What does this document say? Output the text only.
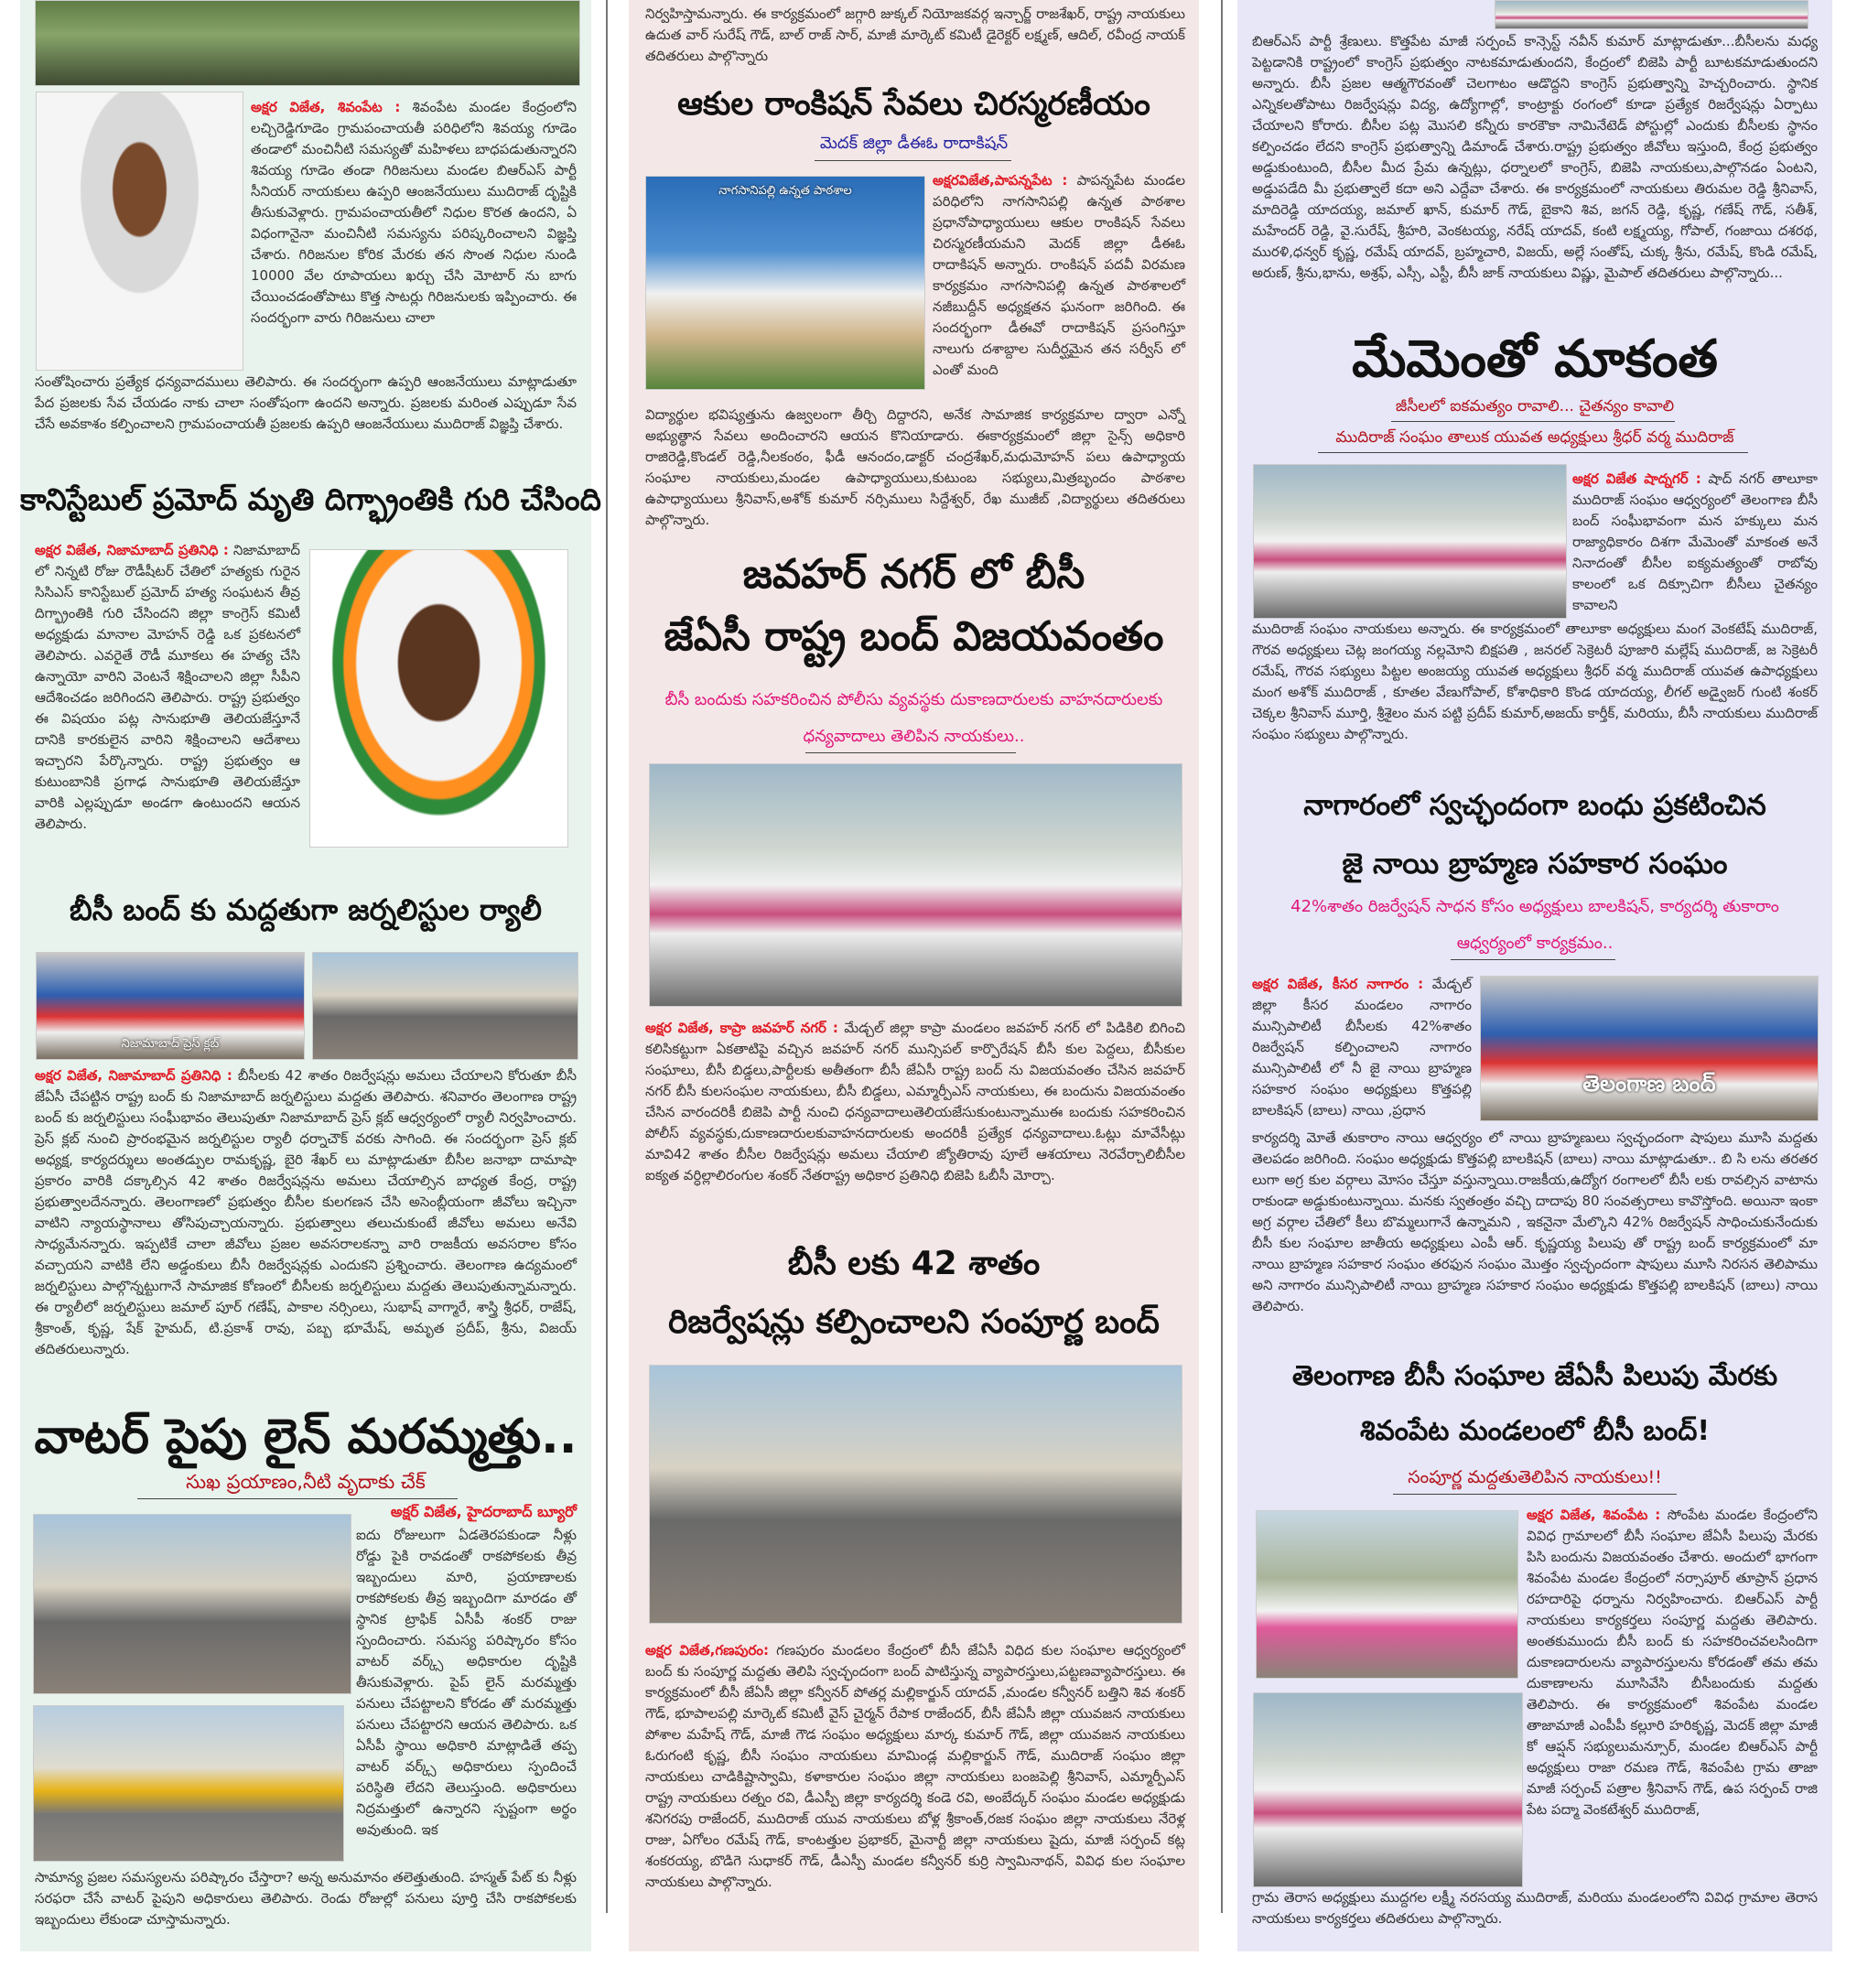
అక్షర విజేత, శివంపేట : శివంపేట మండల కేంద్రంలోని లచ్చిరెడ్డిగూడెం గ్రామపంచాయతీ పరిధిలోని శివయ్య గూడెం తండాలో మంచినీటి సమస్యతో మహిళలు బాధపడుతున్నారని శివయ్య గూడెం తండా గిరిజనులు మండల బిఆర్ఎస్ పార్టీ సీనియర్ నాయకులు ఉప్పరి ఆంజనేయులు ముదిరాజ్ దృష్టికి తీసుకువెళ్లారు. గ్రామపంచాయతీలో నిధుల కొరత ఉందని, ఏ విధంగానైనా మంచినీటి సమస్యను పరిష్కరించాలని విజ్ఞప్తి చేశారు. గిరిజనుల కోరిక మేరకు తన సొంత నిధుల నుండి 10000 వేల రూపాయలు ఖర్చు చేసి మోటార్ ను బాగు చేయించడంతోపాటు కొత్త సాటర్లు గిరిజనులకు ఇప్పించారు. ఈ సందర్భంగా వారు గిరిజనులు చాలా
సంతోషించారు ప్రత్యేక ధన్యవాదములు తెలిపారు. ఈ సందర్భంగా ఉప్పరి ఆంజనేయులు మాట్లాడుతూ పేద ప్రజలకు సేవ చేయడం నాకు చాలా సంతోషంగా ఉందని అన్నారు. ప్రజలకు మరింత ఎప్పుడూ సేవ చేసే అవకాశం కల్పించాలని గ్రామపంచాయతీ ప్రజలకు ఉప్పరి ఆంజనేయులు ముదిరాజ్ విజ్ఞప్తి చేశారు.
కానిస్టేబుల్ ప్రమోద్ మృతి దిగ్భ్రాంతికి గురి చేసింది
అక్షర విజేత, నిజామాబాద్ ప్రతినిధి : నిజామాబాద్ లో నిన్నటి రోజు రౌడీషీటర్ చేతిలో హత్యకు గురైన సిసిఎస్ కానిస్టేబుల్ ప్రమోద్ హత్య సంఘటన తీవ్ర దిగ్భ్రాంతికి గురి చేసిందని జిల్లా కాంగ్రెస్ కమిటీ అధ్యక్షుడు మానాల మోహన్ రెడ్డి ఒక ప్రకటనలో తెలిపారు. ఎవరైతే రౌడీ మూకలు ఈ హత్య చేసి ఉన్నాయో వారిని వెంటనే శిక్షించాలని జిల్లా సీపీని ఆదేశించడం జరిగిందని తెలిపారు. రాష్ట్ర ప్రభుత్వం ఈ విషయం పట్ల సానుభూతి తెలియజేస్తూనే దానికి కారకులైన వారిని శిక్షించాలని ఆదేశాలు ఇచ్చారని పేర్కొన్నారు. రాష్ట్ర ప్రభుత్వం ఆ కుటుంబానికి ప్రగాఢ సానుభూతి తెలియజేస్తూ వారికి ఎల్లప్పుడూ అండగా ఉంటుందని ఆయన తెలిపారు.
బీసీ బంద్ కు మద్దతుగా జర్నలిస్టుల ర్యాలీ
నిజామాబాద్ ప్రెస్ క్లబ్
అక్షర విజేత, నిజామాబాద్ ప్రతినిధి : బీసీలకు 42 శాతం రిజర్వేషన్లు అమలు చేయాలని కోరుతూ బీసీ జేఏసీ చేపట్టిన రాష్ట్ర బంద్ కు నిజామాబాద్ జర్నలిస్టులు మద్దతు తెలిపారు. శనివారం తెలంగాణ రాష్ట్ర బంద్ కు జర్నలిస్టులు సంఘీభావం తెలుపుతూ నిజామాబాద్ ప్రెస్ క్లబ్ ఆధ్వర్యంలో ర్యాలీ నిర్వహించారు. ప్రెస్ క్లబ్ నుంచి ప్రారంభమైన జర్నలిస్టుల ర్యాలీ ధర్నాచౌక్ వరకు సాగింది. ఈ సందర్భంగా ప్రెస్ క్లబ్ అధ్యక్ష, కార్యదర్శులు అంతడ్పుల రామకృష్ణ, బైరి శేఖర్ లు మాట్లాడుతూ బీసీల జనాభా దామాషా ప్రకారం వారికి దక్కాల్సిన 42 శాతం రిజర్వేషన్లను అమలు చేయాల్సిన బాధ్యత కేంద్ర, రాష్ట్ర ప్రభుత్వాలదేనన్నారు. తెలంగాణలో ప్రభుత్వం బీసీల కులగణన చేసి అసెంబ్లీయంగా జీవోలు ఇచ్చినా వాటిని న్యాయస్థానాలు తోసిపుచ్చాయన్నారు. ప్రభుత్వాలు తలుచుకుంటే జీవోలు అమలు అనేవి సాధ్యమేనన్నారు. ఇప్పటికే చాలా జీవోలు ప్రజల అవసరాలకన్నా వారి రాజకీయ అవసరాల కోసం వచ్చాయని వాటికి లేని అడ్డంకులు బీసీ రిజర్వేషన్లకు ఎందుకని ప్రశ్నించారు. తెలంగాణ ఉద్యమంలో జర్నలిస్టులు పాల్గొన్నట్టుగానే సామాజిక కోణంలో బీసీలకు జర్నలిస్టులు మద్దతు తెలుపుతున్నామన్నారు. ఈ ర్యాలీలో జర్నలిస్టులు జమాల్ పూర్ గణేష్, పాకాల నర్సింలు, సుభాష్ వాగ్మారే, శాస్త్రి శ్రీధర్, రాజేష్, శ్రీకాంత్, కృష్ణ, షేక్ హైమద్, టి.ప్రకాశ్ రావు, పబ్బ భూమేష్, అమృత ప్రదీప్, శ్రీను, విజయ్ తదితరులున్నారు.
వాటర్ పైపు లైన్ మరమ్మత్తు..
సుఖ ప్రయాణం,నీటి వృదాకు చేక్
అక్షర్ విజేత, హైదరాబాద్ బ్యూరో
ఐదు రోజులుగా ఏడతెరపకుండా నీళ్లు రోడ్డు పైకి రావడంతో రాకపోకలకు తీవ్ర ఇబ్బందులు మారి, ప్రయాణాలకు రాకపోకలకు తీవ్ర ఇబ్బందిగా మారడం తో స్థానిక ట్రాఫిక్ ఏసీపీ శంకర్ రాజు స్పందించారు. సమస్య పరిష్కారం కోసం వాటర్ వర్క్స్ అధికారుల దృష్టికి తీసుకువెళ్లారు. పైప్ లైన్ మరమ్మత్తు పనులు చేపట్టాలని కోరడం తో మరమ్మత్తు పనులు చేపట్టారని ఆయన తెలిపారు. ఒక ఏసీపీ స్థాయి అధికారి మాట్లాడితే తప్ప వాటర్ వర్క్స్ అధికారులు స్పందించే పరిస్థితి లేదని తెలుస్తుంది. అధికారులు నిద్రమత్తులో ఉన్నారని స్పష్టంగా అర్థం అవుతుంది. ఇక
సామాన్య ప్రజల సమస్యలను పరిష్కారం చేస్తారా? అన్న అనుమానం తలెత్తుతుంది. హస్మత్ పేట్ కు నీళ్లు సరఫరా చేసే వాటర్ పైపుని అధికారులు తెలిపారు. రెండు రోజుల్లో పనులు పూర్తి చేసి రాకపోకలకు ఇబ్బందులు లేకుండా చూస్తామన్నారు.
నిర్వహిస్తామన్నారు. ఈ కార్యక్రమంలో జగ్గారి జుక్కల్ నియోజకవర్గ ఇన్చార్జ్ రాజశేఖర్, రాష్ట్ర నాయకులు ఉదుత వార్ సురేష్ గౌడ్, బాల్ రాజ్ సార్, మాజీ మార్కెట్ కమిటీ డైరెక్టర్ లక్ష్మణ్, ఆదిల్, రవీంద్ర నాయక్ తదితరులు పాల్గొన్నారు
ఆకుల రాంకిషన్ సేవలు చిరస్మరణీయం
మెదక్ జిల్లా డీఈఓ రాదాకిషన్
నాగసానిపల్లి ఉన్నత పాఠశాల
అక్షరవిజేత,పాపన్నపేట : పాపన్నపేట మండల పరిధిలోని నాగసానిపల్లి ఉన్నత పాఠశాల ప్రధానోపాధ్యాయులు ఆకుల రాంకిషన్ సేవలు చిరస్మరణీయమని మెదక్ జిల్లా డీఈఓ రాదాకిషన్ అన్నారు. రాంకిషన్ పదవీ విరమణ కార్యక్రమం నాగసానిపల్లి ఉన్నత పాఠశాలలో నజీబుద్దీన్ అధ్యక్షతన ఘనంగా జరిగింది. ఈ సందర్భంగా డీఈవో రాదాకిషన్ ప్రసంగిస్తూ నాలుగు దశాబ్దాల సుదీర్ఘమైన తన సర్వీస్ లో ఎంతో మంది
విద్యార్థుల భవిష్యత్తును ఉజ్వలంగా తీర్చి దిద్దారని, అనేక సామాజిక కార్యక్రమాల ద్వారా ఎన్నో అభ్యుత్థాన సేవలు అందించారని ఆయన కొనియాడారు. ఈకార్యక్రమంలో జిల్లా సైన్స్ అధికారి రాజిరెడ్డి,కొండల్ రెడ్డి,నీలకంఠం, ఫీడీ ఆనందం,డాక్టర్ చంద్రశేఖర్,మధుమోహన్ పలు ఉపాధ్యాయ సంఘాల నాయకులు,మండల ఉపాధ్యాయులు,కుటుంబ సభ్యులు,మిత్రబృందం పాఠశాల ఉపాధ్యాయులు శ్రీనివాస్,అశోక్ కుమార్ నర్సిములు సిద్దేశ్వర్, రేఖ ముజీబ్ ,విద్యార్థులు తదితరులు పాల్గొన్నారు.
జవహర్ నగర్ లో బీసీ
జేఏసీ రాష్ట్ర బంద్ విజయవంతం
బీసీ బందుకు సహకరించిన పోలీసు వ్యవస్థకు దుకాణదారులకు వాహనదారులకు
ధన్యవాదాలు తెలిపిన నాయకులు..
అక్షర విజేత, కాప్రా జవహర్ నగర్ : మేడ్చల్ జిల్లా కాప్రా మండలం జవహర్ నగర్ లో పిడికిలి బిగించి కలిసికట్టుగా ఏకతాటిపై వచ్చిన జవహర్ నగర్ మున్సిపల్ కార్పొరేషన్ బీసీ కుల పెద్దలు, బీసీకుల సంఘాలు, బీసీ బిడ్డలు,పార్టీలకు అతీతంగా బీసీ జేఏసీ రాష్ట్ర బంద్ ను విజయవంతం చేసిన జవహర్ నగర్ బీసీ కులసంఘల నాయకులు, బీసీ బిడ్డలు, ఎమ్మార్పీఎస్ నాయకులు, ఈ బందును విజయవంతం చేసిన వారందరికీ బిజెపి పార్టీ నుంచి ధన్యవాదాలుతెలియజేసుకుంటున్నాముఈ బందుకు సహకరించిన పోలీస్ వ్యవస్థకు,దుకాణదారులకువాహనదారులకు అందరికీ ప్రత్యేక ధన్యవాదాలు.ఓట్లు మావేసీట్లు మావి42 శాతం బీసీల రిజర్వేషన్లు అమలు చేయాలి జ్యోతిరావు పూలే ఆశయాలు నెరవేర్చాలిబీసీల ఐక్యత వర్ధిల్లాలిరంగుల శంకర్ నేతరాష్ట్ర అధికార ప్రతినిధి బిజెపి ఓబీసీ మోర్చా.
బీసీ లకు 42 శాతం
రిజర్వేషన్లు కల్పించాలని సంపూర్ణ బంద్
అక్షర విజేత,గణపురం: గణపురం మండలం కేంద్రంలో బీసీ జేఏసీ విధిద కుల సంఘాల ఆధ్వర్యంలో బంద్ కు సంపూర్ణ మద్దతు తెలిపి స్వచ్ఛందంగా బంద్ పాటిస్తున్న వ్యాపారస్తులు,పట్టణవ్యాపారస్తులు. ఈ కార్యక్రమంలో బీసీ జేఏసీ జిల్లా కన్వీనర్ పోతర్ల మల్లికార్జున్ యాదవ్ ,మండల కన్వీనర్ బత్తిని శివ శంకర్ గౌడ్, భూపాలపల్లి మార్కెట్ కమిటీ వైస్ చైర్మన్ రేపాక రాజేందర్, బీసీ జేఏసీ జిల్లా యువజన నాయకులు పోశాల మహేష్ గౌడ్, మాజీ గౌడ సంఘం అధ్యక్షులు మార్క కుమార్ గౌడ్, జిల్లా యువజన నాయకులు ఓరుగంటి కృష్ణ, బీసీ సంఘం నాయకులు మామిండ్ల మల్లికార్జున్ గౌడ్, ముదిరాజ్ సంఘం జిల్లా నాయకులు చాడికిష్టాస్వామి, కళాకారుల సంఘం జిల్లా నాయకులు బంజపెల్లి శ్రీనివాస్, ఎమ్మార్పీఎస్ రాష్ట్ర నాయకులు రత్నం రవి, డీఎస్పీ జిల్లా కార్యదర్శి కండె రవి, అంబేద్కర్ సంఘం మండల అధ్యక్షుడు శనిగరపు రాజేందర్, ముదిరాజ్ యువ నాయకులు బోళ్ల శ్రీకాంత్,రజక సంఘం జిల్లా నాయకులు నేరెళ్ల రాజు, ఏగోలం రమేష్ గౌడ్, కాంటత్తుల ప్రభాకర్, మైనార్టీ జిల్లా నాయకులు షైదు, మాజీ సర్పంచ్ కట్ల శంకరయ్య, బొడిగె సుధాకర్ గౌడ్, డీఎస్పీ మండల కన్వీనర్ కుర్రి స్వామినాథన్, వివిధ కుల సంఘాల నాయకులు పాల్గొన్నారు.
బిఆర్ఎస్ పార్టీ శ్రేణులు. కొత్తపేట మాజీ సర్పంచ్ కాన్సెస్ట్ నవీన్ కుమార్ మాట్లాడుతూ...బీసీలను మధ్య పెట్టడానికి రాష్ట్రంలో కాంగ్రెస్ ప్రభుత్వం నాటకమాడుతుందని, కేంద్రంలో బిజెపి పార్టీ బూటకమాడుతుందని అన్నారు. బీసీ ప్రజల ఆత్మగౌరవంతో చెలగాటం ఆడొద్దని కాంగ్రెస్ ప్రభుత్వాన్ని హెచ్చరించారు. స్థానిక ఎన్నికలతోపాటు రిజర్వేషన్లు విద్య, ఉద్యోగాల్లో, కాంట్రాక్టు రంగంలో కూడా ప్రత్యేక రిజర్వేషన్లు ఏర్పాటు చేయాలని కోరారు. బీసీల పట్ల మొసలి కన్నీరు కారకౌకా నామినేటెడ్ పోస్టుల్లో ఎందుకు బీసీలకు స్థానం కల్పించడం లేదని కాంగ్రెస్ ప్రభుత్వాన్ని డిమాండ్ చేశారు.రాష్ట్ర ప్రభుత్వం జీవోలు ఇస్తుంది, కేంద్ర ప్రభుత్వం అడ్డుకుంటుంది, బీసీల మీద ప్రేమ ఉన్నట్లు, ధర్నాలలో కాంగ్రెస్, బిజెపి నాయకులు,పాల్గొనడం ఏంటని, అడ్డుపడేది మీ ప్రభుత్వాలే కదా అని ఎద్దేవా చేశారు. ఈ కార్యక్రమంలో నాయకులు తిరుమల రెడ్డి శ్రీనివాస్, మాదిరెడ్డి యాదయ్య, జమాల్ ఖాన్, కుమార్ గౌడ్, బైకాని శివ, జగన్ రెడ్డి, కృష్ణ, గణేష్ గౌడ్, సతీశ్, మహేందర్ రెడ్డి, వై.సురేష్, శ్రీహరి, వెంకటయ్య, నరేష్ యాదవ్, కంటి లక్ష్మయ్య, గోపాల్, గంజాయి దశరథ, మురళి,ధన్వర్ కృష్ణ, రమేష్ యాదవ్, బ్రహ్మచారి, విజయ్, అల్లే సంతోష్, చుక్క శ్రీను, రమేష్, కొండి రమేష్, అరుణ్, శ్రీను,భాను, అశ్రఫ్, ఎస్సీ, ఎస్టీ, బీసీ జాక్ నాయకులు విష్ణు, మైపాల్ తదితరులు పాల్గొన్నారు...
మేమెంతో మాకంత
జీసీలలో ఐకమత్యం రావాలి... చైతన్యం కావాలి
ముదిరాజ్ సంఘం తాలుక యువత అధ్యక్షులు శ్రీధర్ వర్మ ముదిరాజ్
అక్షర విజేత షాద్నగర్ : షాద్ నగర్ తాలూకా ముదిరాజ్ సంఘం ఆధ్వర్యంలో తెలంగాణ బీసీ బంద్ సంఘీభావంగా మన హక్కులు మన రాజ్యాధికారం దిశగా మేమెంతో మాకంత అనే నినాదంతో బీసీల ఐక్యమత్యంతో రాబోవు కాలంలో ఒక దిక్సూచిగా బీసీలు చైతన్యం కావాలని
ముదిరాజ్ సంఘం నాయకులు అన్నారు. ఈ కార్యక్రమంలో తాలూకా అధ్యక్షులు మంగ వెంకటేష్ ముదిరాజ్, గౌరవ అధ్యక్షులు చెట్ల జంగయ్య నల్లమోని బిక్షపతి , జనరల్ సెక్రెటరీ పూజారి మల్లేష్ ముదిరాజ్, జ సెక్రెటరీ రమేష్, గౌరవ సభ్యులు పిట్టల అంజయ్య యువత అధ్యక్షులు శ్రీధర్ వర్మ ముదిరాజ్ యువత ఉపాధ్యక్షులు మంగ అశోక్ ముదిరాజ్ , కూతల వేణుగోపాల్, కోశాధికారి కొండ యాదయ్య, లీగల్ అడ్వైజర్ గుంటి శంకర్ చెక్కల శ్రీనివాస్ మూర్తి, శ్రీశైలం మన పట్టి ప్రదీప్ కుమార్,అజయ్ కార్తీక్, మరియు, బీసీ నాయకులు ముదిరాజ్ సంఘం సభ్యులు పాల్గొన్నారు.
నాగారంలో స్వచ్ఛందంగా బంధు ప్రకటించిన
జై నాయి బ్రాహ్మణ సహకార సంఘం
42%శాతం రిజర్వేషన్ సాధన కోసం అధ్యక్షులు బాలకిషన్, కార్యదర్శి తుకారాం
ఆధ్వర్యంలో కార్యక్రమం..
తెలంగాణ బంద్
అక్షర విజేత, కీసర నాగారం : మేడ్చల్ జిల్లా కీసర మండలం నాగారం మున్సిపాలిటీ బీసీలకు 42%శాతం రిజర్వేషన్ కల్పించాలని నాగారం మున్సిపాలిటీ లో నీ జై నాయి బ్రాహ్మణ సహకార సంఘం అధ్యక్షులు కొత్తపల్లి బాలకిషన్ (బాలు) నాయి ,ప్రధాన
కార్యదర్శి మోతే తుకారాం నాయి ఆధ్వర్యం లో నాయి బ్రాహ్మణులు స్వచ్ఛందంగా షాపులు మూసి మద్దతు తెలపడం జరిగింది. సంఘం అధ్యక్షుడు కొత్తపల్లి బాలకిషన్ (బాలు) నాయి మాట్లాడుతూ.. బి సి లను తరతర లుగా అగ్ర కుల వర్గాలు మోసం చేస్తూ వస్తున్నాయి.రాజకీయ,ఉద్యోగ రంగాలలో బీసీ లకు రావల్సిన వాటాను రాకుండా అడ్డుకుంటున్నాయి. మనకు స్వతంత్రం వచ్చి దాదాపు 80 సంవత్సరాలు కావొస్తోంది. అయినా ఇంకా అగ్ర వర్గాల చేతిలో కీలు బొమ్మలుగానే ఉన్నామని , ఇకనైనా మేల్కొని 42% రిజర్వేషన్ సాధించుకునేందుకు బీసీ కుల సంఘాల జాతీయ అధ్యక్షులు ఎంపీ ఆర్. కృష్ణయ్య పిలుపు తో రాష్ట్ర బంద్ కార్యక్రమంలో మా నాయి బ్రాహ్మణ సహకార సంఘం తరఫున సంఘం మొత్తం స్వచ్ఛందంగా షాపులు మూసి నిరసన తెలిపాము అని నాగారం మున్సిపాలిటీ నాయి బ్రాహ్మణ సహకార సంఘం అధ్యక్షుడు కొత్తపల్లి బాలకిషన్ (బాలు) నాయి తెలిపారు.
తెలంగాణ బీసీ సంఘాల జేఏసీ పిలుపు మేరకు
శివంపేట మండలంలో బీసీ బంద్!
సంపూర్ణ మద్దతుతెలిపిన నాయకులు!!
అక్షర విజేత, శివంపేట : సోంపేట మండల కేంద్రంలోని వివిధ గ్రామాలలో బీసీ సంఘాల జేఏసీ పిలుపు మేరకు పిసి బందును విజయవంతం చేశారు. అందులో భాగంగా శివంపేట మండల కేంద్రంలో నర్సాపూర్ తూప్రాన్ ప్రధాన రహదారిపై ధర్నాను నిర్వహించారు. బిఆర్ఎస్ పార్టీ నాయకులు కార్యకర్తలు సంపూర్ణ మద్దతు తెలిపారు. అంతకుముందు బీసీ బంద్ కు సహకరించవలసిందిగా దుకాణదారులను వ్యాపారస్తులను కోరడంతో తమ తమ దుకాణాలను మూసివేసి బీసీబందుకు మద్దతు తెలిపారు. ఈ కార్యక్రమంలో శివంపేట మండల తాజామాజీ ఎంపీపీ కల్లూరి హరికృష్ణ, మెదక్ జిల్లా మాజీ కో ఆప్షన్ సభ్యులుమన్సూర్, మండల బిఆర్ఎస్ పార్టీ అధ్యక్షులు రాజా రమణ గౌడ్, శివంపేట గ్రామ తాజా మాజీ సర్పంచ్ పత్రాల శ్రీనివాస్ గౌడ్, ఉప సర్పంచ్ రాజి పేట పద్మా వెంకటేశ్వర్ ముదిరాజ్,
గ్రామ తెరాస అధ్యక్షులు ముద్దగల లక్ష్మీ నరసయ్య ముదిరాజ్, మరియు మండలంలోని వివిధ గ్రామాల తెరాస నాయకులు కార్యకర్తలు తదితరులు పాల్గొన్నారు.
